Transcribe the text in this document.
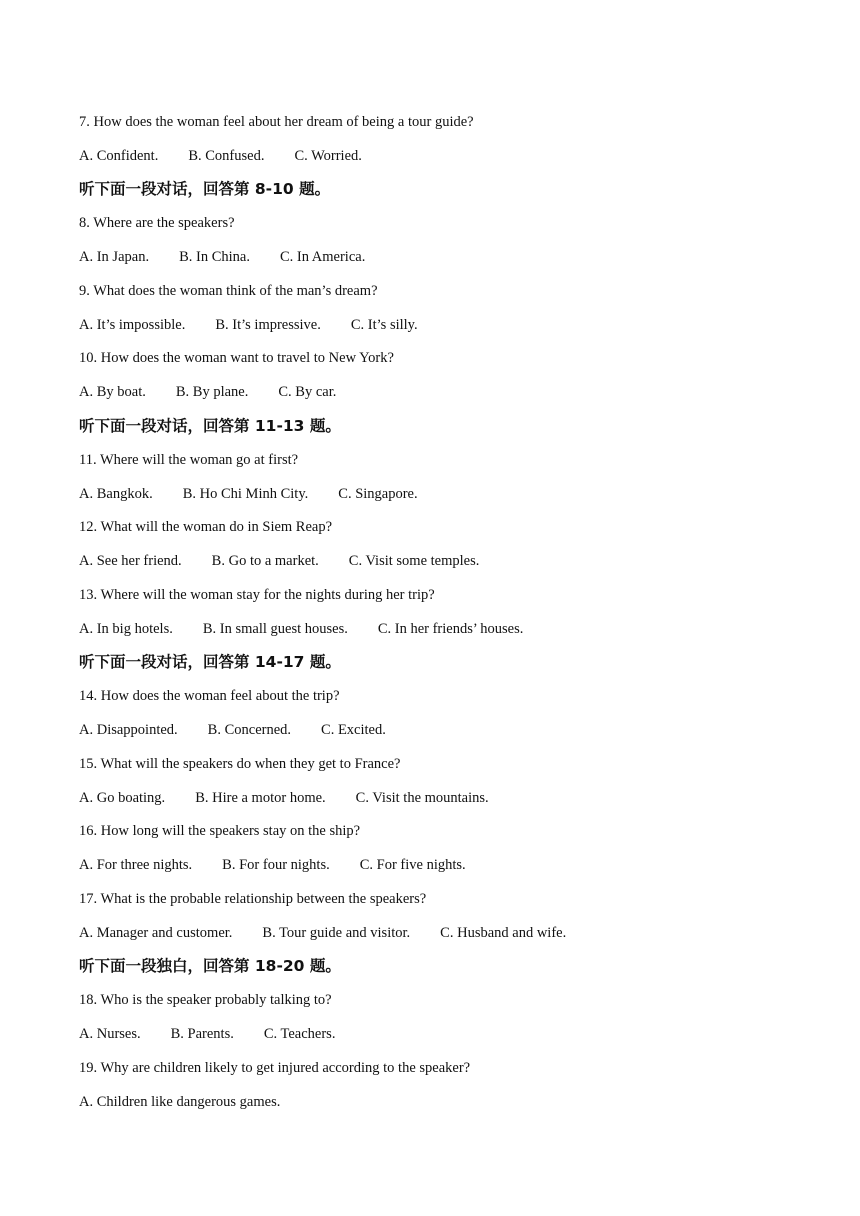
7. How does the woman feel about her dream of being a tour guide?
A. Confident. B. Confused. C. Worried.
听下面一段对话，回答第 8-10 题。
8. Where are the speakers?
A. In Japan. B. In China. C. In America.
9. What does the woman think of the man’s dream?
A. It’s impossible. B. It’s impressive. C. It’s silly.
10. How does the woman want to travel to New York?
A. By boat. B. By plane. C. By car.
听下面一段对话，回答第 11-13 题。
11. Where will the woman go at first?
A. Bangkok. B. Ho Chi Minh City. C. Singapore.
12. What will the woman do in Siem Reap?
A. See her friend. B. Go to a market. C. Visit some temples.
13. Where will the woman stay for the nights during her trip?
A. In big hotels. B. In small guest houses. C. In her friends’ houses.
听下面一段对话，回答第 14-17 题。
14. How does the woman feel about the trip?
A. Disappointed. B. Concerned. C. Excited.
15. What will the speakers do when they get to France?
A. Go boating. B. Hire a motor home. C. Visit the mountains.
16. How long will the speakers stay on the ship?
A. For three nights. B. For four nights. C. For five nights.
17. What is the probable relationship between the speakers?
A. Manager and customer. B. Tour guide and visitor. C. Husband and wife.
听下面一段独白，回答第 18-20 题。
18. Who is the speaker probably talking to?
A. Nurses. B. Parents. C. Teachers.
19. Why are children likely to get injured according to the speaker?
A. Children like dangerous games.
